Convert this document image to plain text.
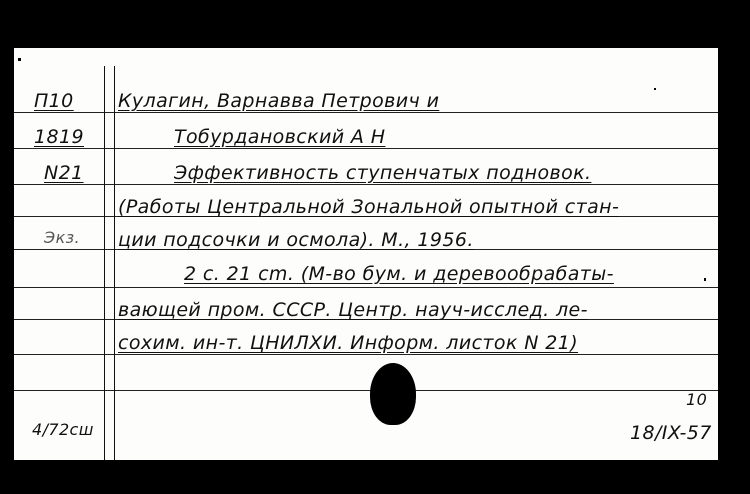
П10
1819
N21
Экз.
4/72сш
Кулагин, Варнавва Петрович и
Тобурдановский А Н
Эффективность ступенчатых подновок.
(Работы Центральной Зональной опытной стан-
ции подсочки и осмола). М., 1956.
2 с. 21 cm. (М-во бум. и деревообрабаты-
вающей пром. СССР. Центр. науч-исслед. ле-
сохим. ин-т. ЦНИЛХИ. Информ. листок N 21)
10
18/IX-57
